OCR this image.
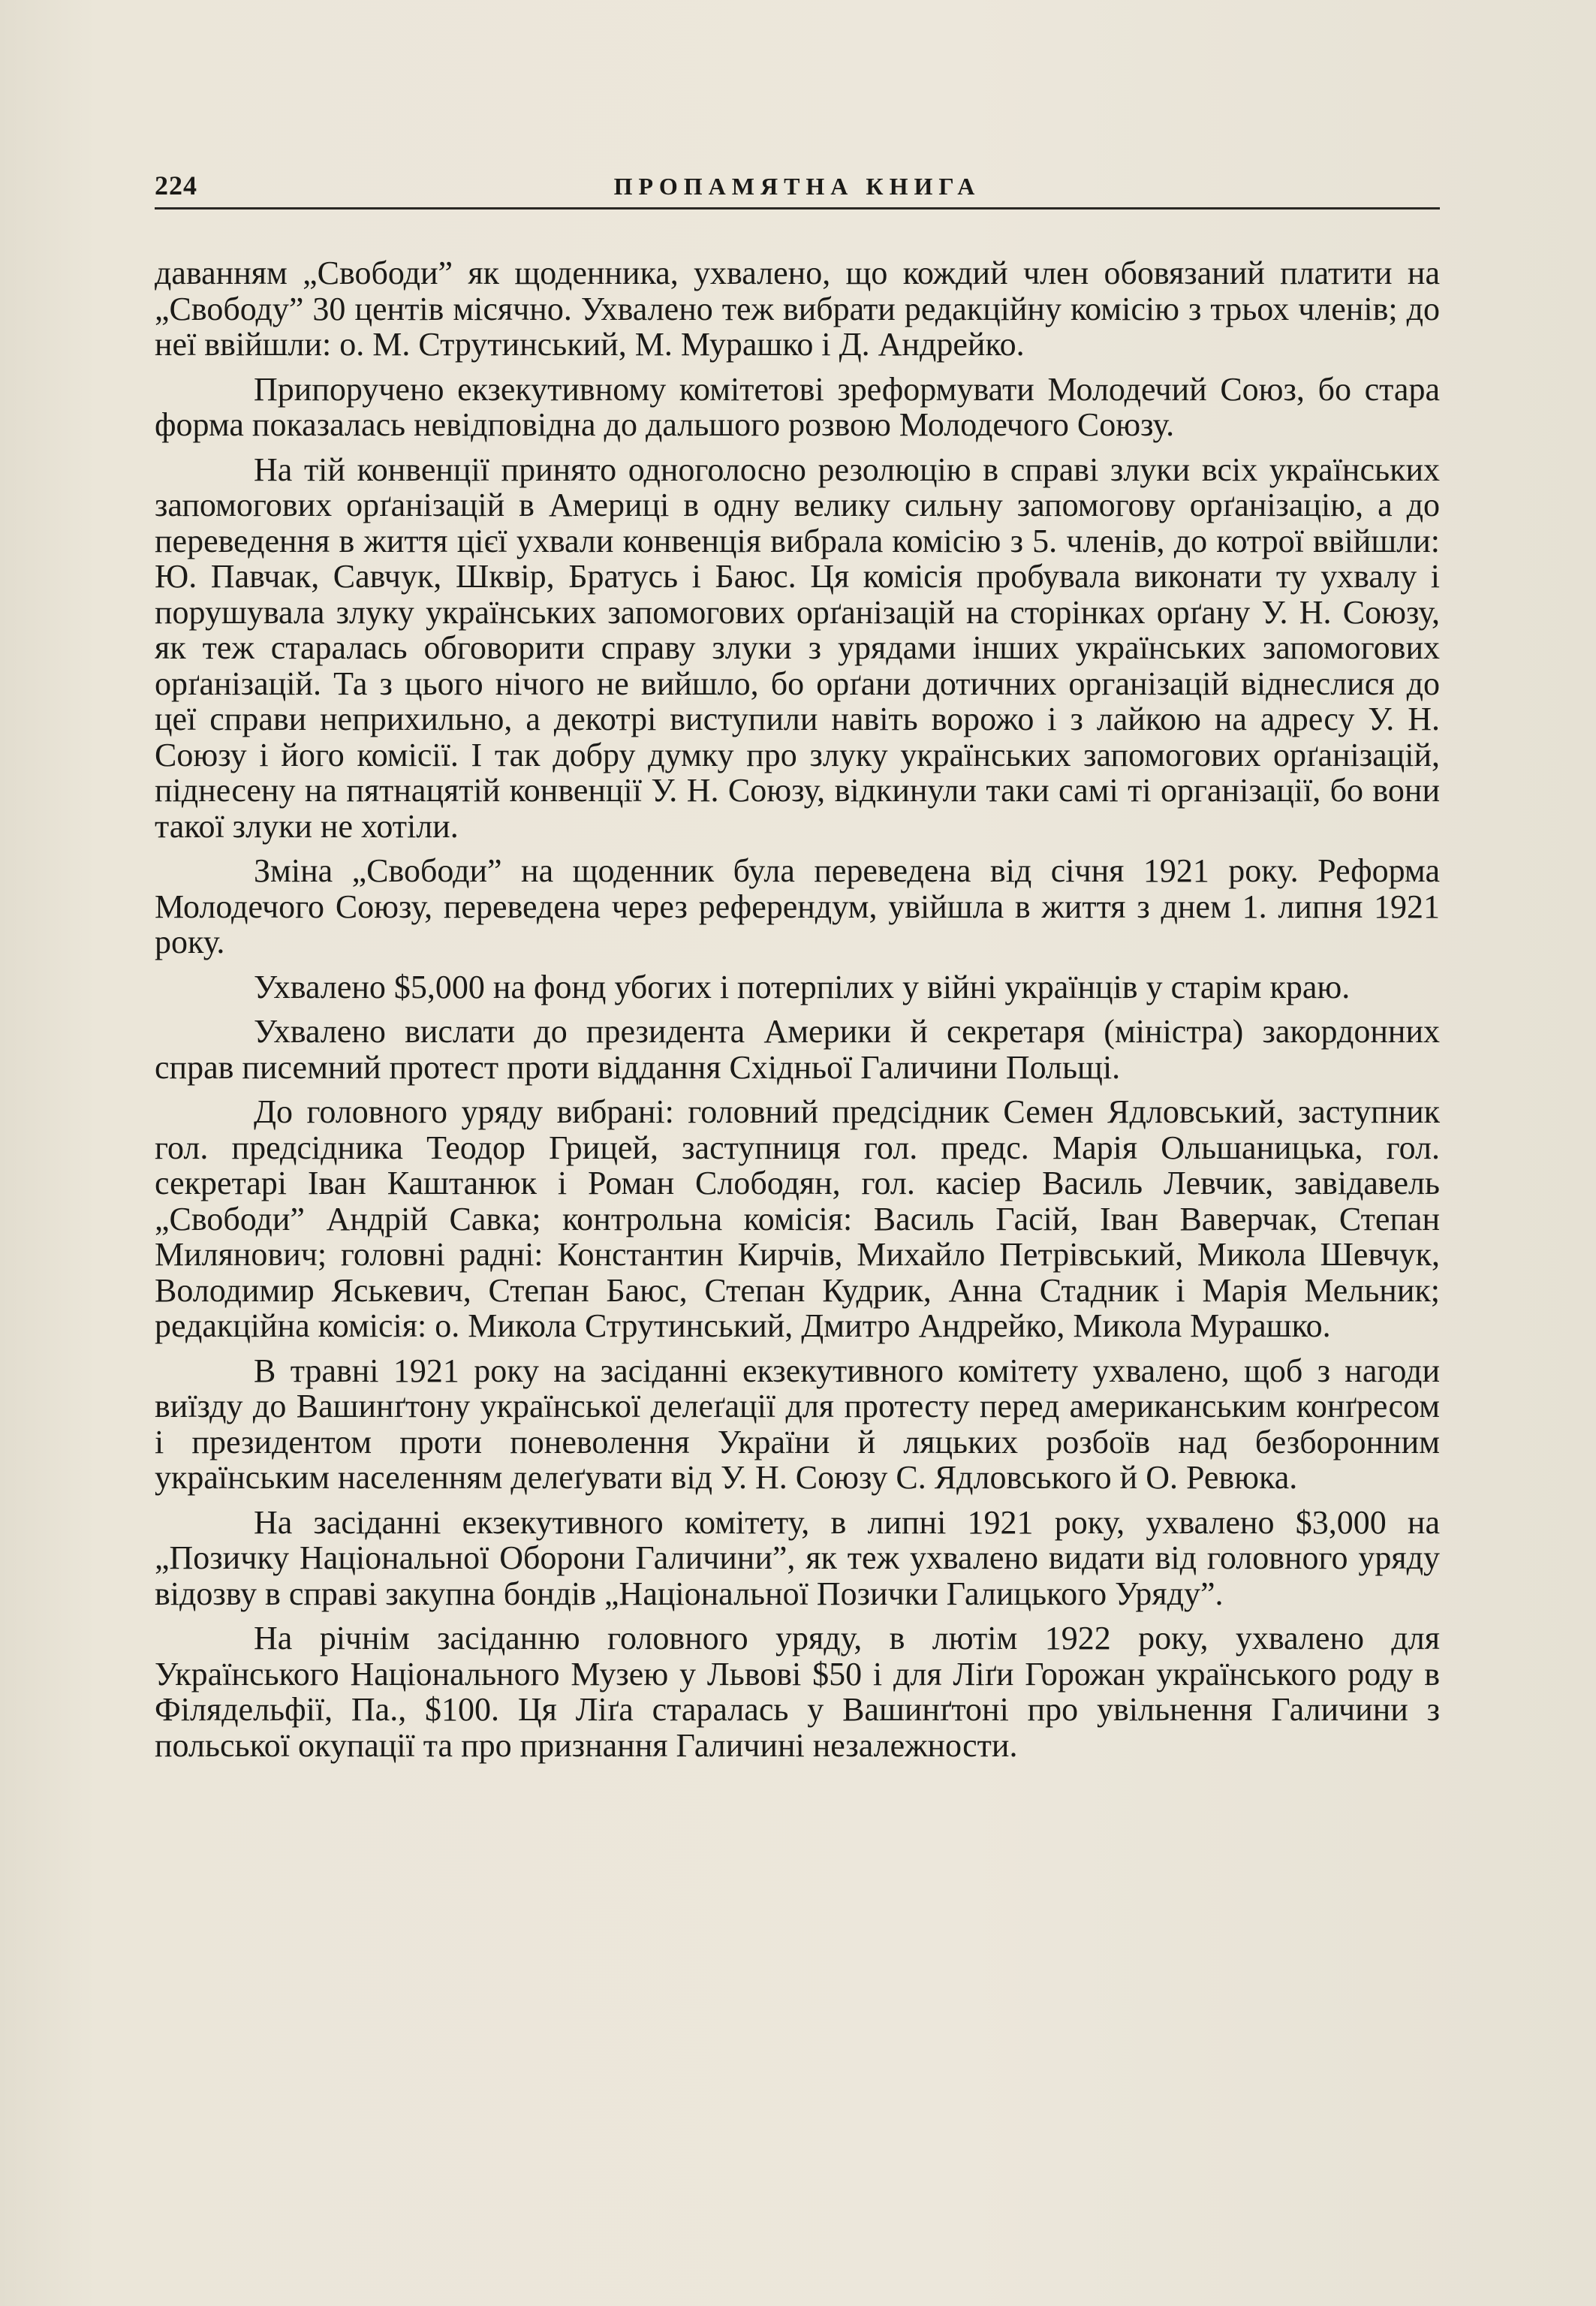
224	ПРОПАМЯТНА КНИГА

даванням „Свободи” як щоденника, ухвалено, що кождий член обовязаний платити на „Свободу” 30 центів місячно. Ухвалено теж вибрати редакційну комісію з трьох членів; до неї ввійшли: о. М. Струтинський, М. Мурашко і Д. Андрейко.

Припоручено екзекутивному комітетові зреформувати Молодечий Союз, бо стара форма показалась невідповідна до дальшого розвою Молодечого Союзу.

На тій конвенції принято одноголосно резолюцію в справі злуки всіх українських запомогових орґанізацій в Америці в одну велику сильну запомогову орґанізацію, а до переведення в життя цієї ухвали конвенція вибрала комісію з 5. членів, до котрої ввійшли: Ю. Павчак, Савчук, Шквір, Братусь і Баюс. Ця комісія пробувала виконати ту ухвалу і порушувала злуку українських запомогових орґанізацій на сторінках орґану У. Н. Союзу, як теж старалась обговорити справу злуки з урядами інших українських запомогових орґанізацій. Та з цього нічого не вийшло, бо орґани дотичних організацій віднеслися до цеї справи неприхильно, а декотрі виступили навіть ворожо і з лайкою на адресу У. Н. Союзу і його комісії. І так добру думку про злуку українських запомогових орґанізацій, піднесену на пятнацятій конвенції У. Н. Союзу, відкинули таки самі ті організації, бо вони такої злуки не хотіли.

Зміна „Свободи” на щоденник була переведена від січня 1921 року. Реформа Молодечого Союзу, переведена через референдум, увійшла в життя з днем 1. липня 1921 року.

Ухвалено $5,000 на фонд убогих і потерпілих у війні українців у старім краю.

Ухвалено вислати до президента Америки й секретаря (міністра) закордонних справ писемний протест проти віддання Східньої Галичини Польщі.

До головного уряду вибрані: головний предсідник Семен Ядловський, заступник гол. предсідника Теодор Грицей, заступниця гол. предс. Марія Ольшаницька, гол. секретарі Іван Каштанюк і Роман Слободян, гол. касіер Василь Левчик, завідавель „Свободи” Андрій Савка; контрольна комісія: Василь Гасій, Іван Ваверчак, Степан Милянович; головні радні: Константин Кирчів, Михайло Петрівський, Микола Шевчук, Володимир Яськевич, Степан Баюс, Степан Кудрик, Анна Стадник і Марія Мельник; редакційна комісія: о. Микола Струтинський, Дмитро Андрейко, Микола Мурашко.

В травні 1921 року на засіданні екзекутивного комітету ухвалено, щоб з нагоди виїзду до Вашинґтону української делеґації для протесту перед американським конґресом і президентом проти поневолення України й ляцьких розбоїв над безборонним українським населенням делеґувати від У. Н. Союзу С. Ядловського й О. Ревюка.

На засіданні екзекутивного комітету, в липні 1921 року, ухвалено $3,000 на „Позичку Національної Оборони Галичини”, як теж ухвалено видати від головного уряду відозву в справі закупна бондів „Національної Позички Галицького Уряду”.

На річнім засіданню головного уряду, в лютім 1922 року, ухвалено для Українського Національного Музею у Львові $50 і для Ліґи Горожан українського роду в Філядельфії, Па., $100. Ця Ліґа старалась у Вашинґтоні про увільнення Галичини з польської окупації та про признання Галичині незалежности.
